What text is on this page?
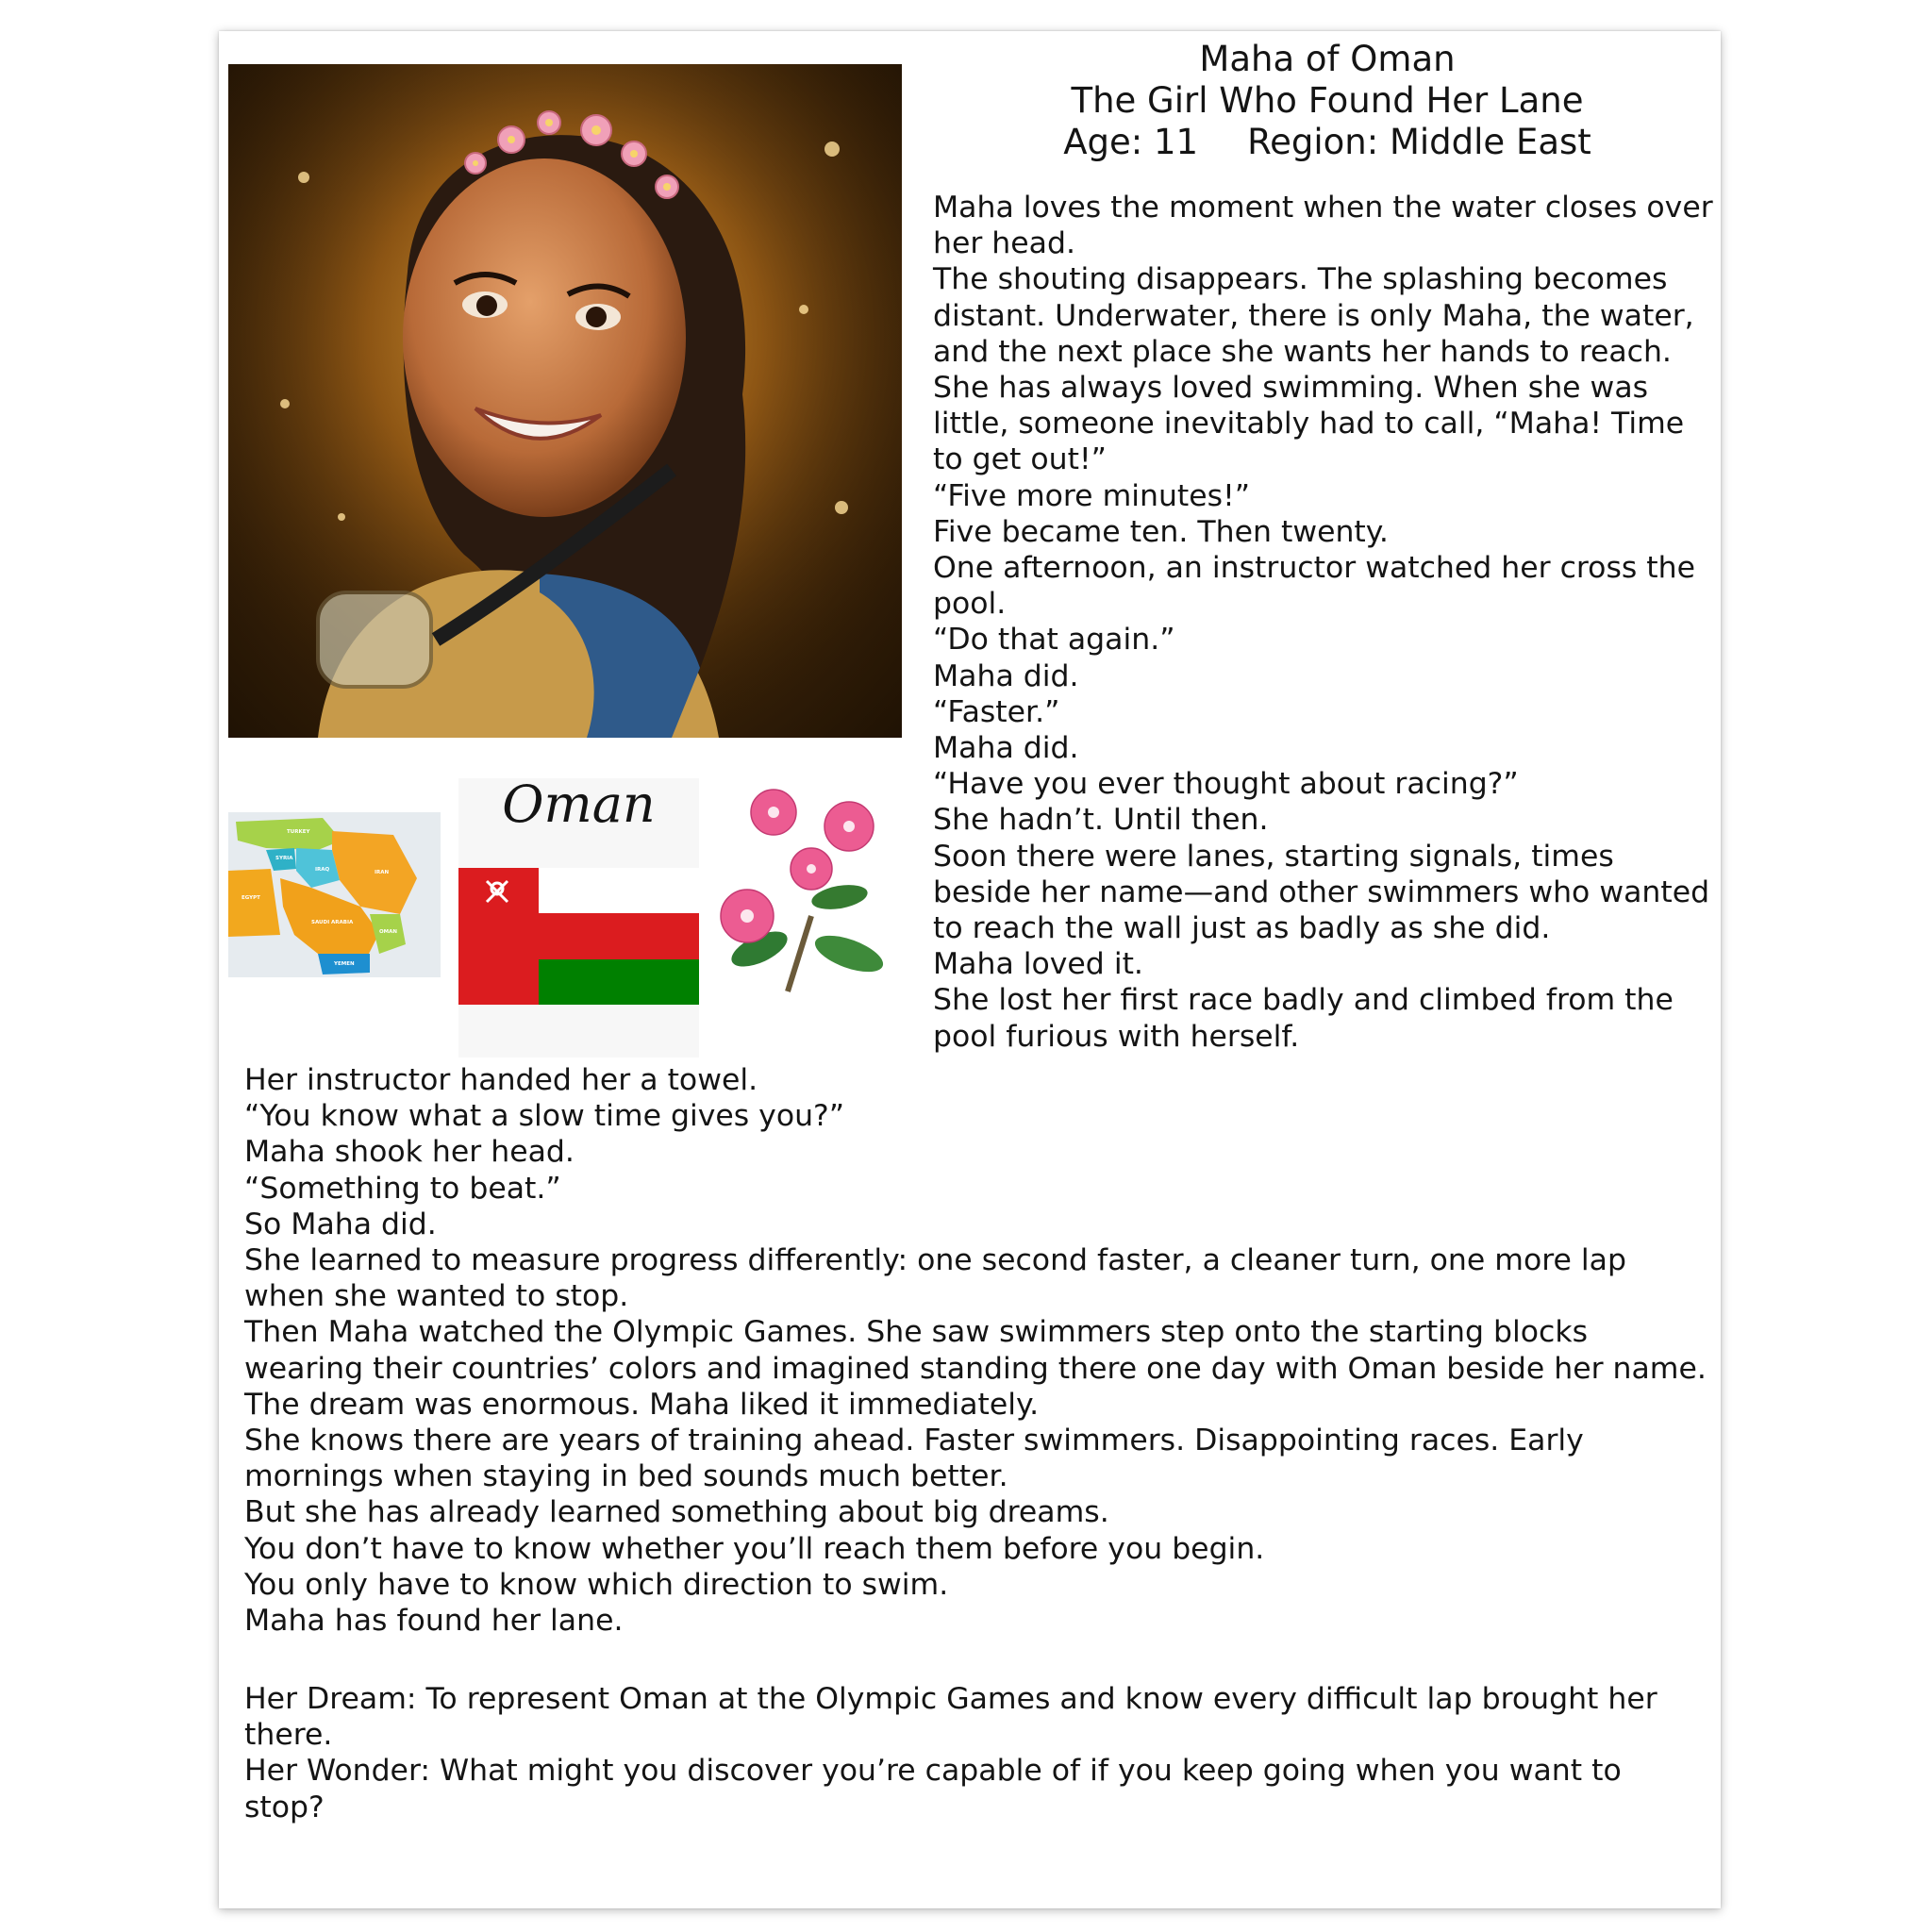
Maha of Oman
The Girl Who Found Her Lane
Age: 11 Region: Middle East

Maha loves the moment when the water closes over her head.

The shouting disappears. The splashing becomes distant. Underwater, there is only Maha, the water, and the next place she wants her hands to reach.

She has always loved swimming. When she was little, someone inevitably had to call, “Maha! Time to get out!”

“Five more minutes!”

Five became ten. Then twenty.

One afternoon, an instructor watched her cross the pool.

“Do that again.”

Maha did.

“Faster.”

Maha did.

“Have you ever thought about racing?”

She hadn’t. Until then.

Soon there were lanes, starting signals, times beside her name—and other swimmers who wanted to reach the wall just as badly as she did.

Maha loved it.

She lost her first race badly and climbed from the pool furious with herself.

TURKEY
SYRIA
IRAQ	IRAN
EGYPT
SAUDI ARABIA
OMAN
YEMEN
Oman

Her instructor handed her a towel.

“You know what a slow time gives you?”

Maha shook her head.

“Something to beat.”

So Maha did.

She learned to measure progress differently: one second faster, a cleaner turn, one more lap when she wanted to stop.

Then Maha watched the Olympic Games. She saw swimmers step onto the starting blocks wearing their countries’ colors and imagined standing there one day with Oman beside her name.

The dream was enormous. Maha liked it immediately.

She knows there are years of training ahead. Faster swimmers. Disappointing races. Early mornings when staying in bed sounds much better.

But she has already learned something about big dreams.

You don’t have to know whether you’ll reach them before you begin.

You only have to know which direction to swim.

Maha has found her lane.

Her Dream: To represent Oman at the Olympic Games and know every difficult lap brought her there.

Her Wonder: What might you discover you’re capable of if you keep going when you want to stop?
